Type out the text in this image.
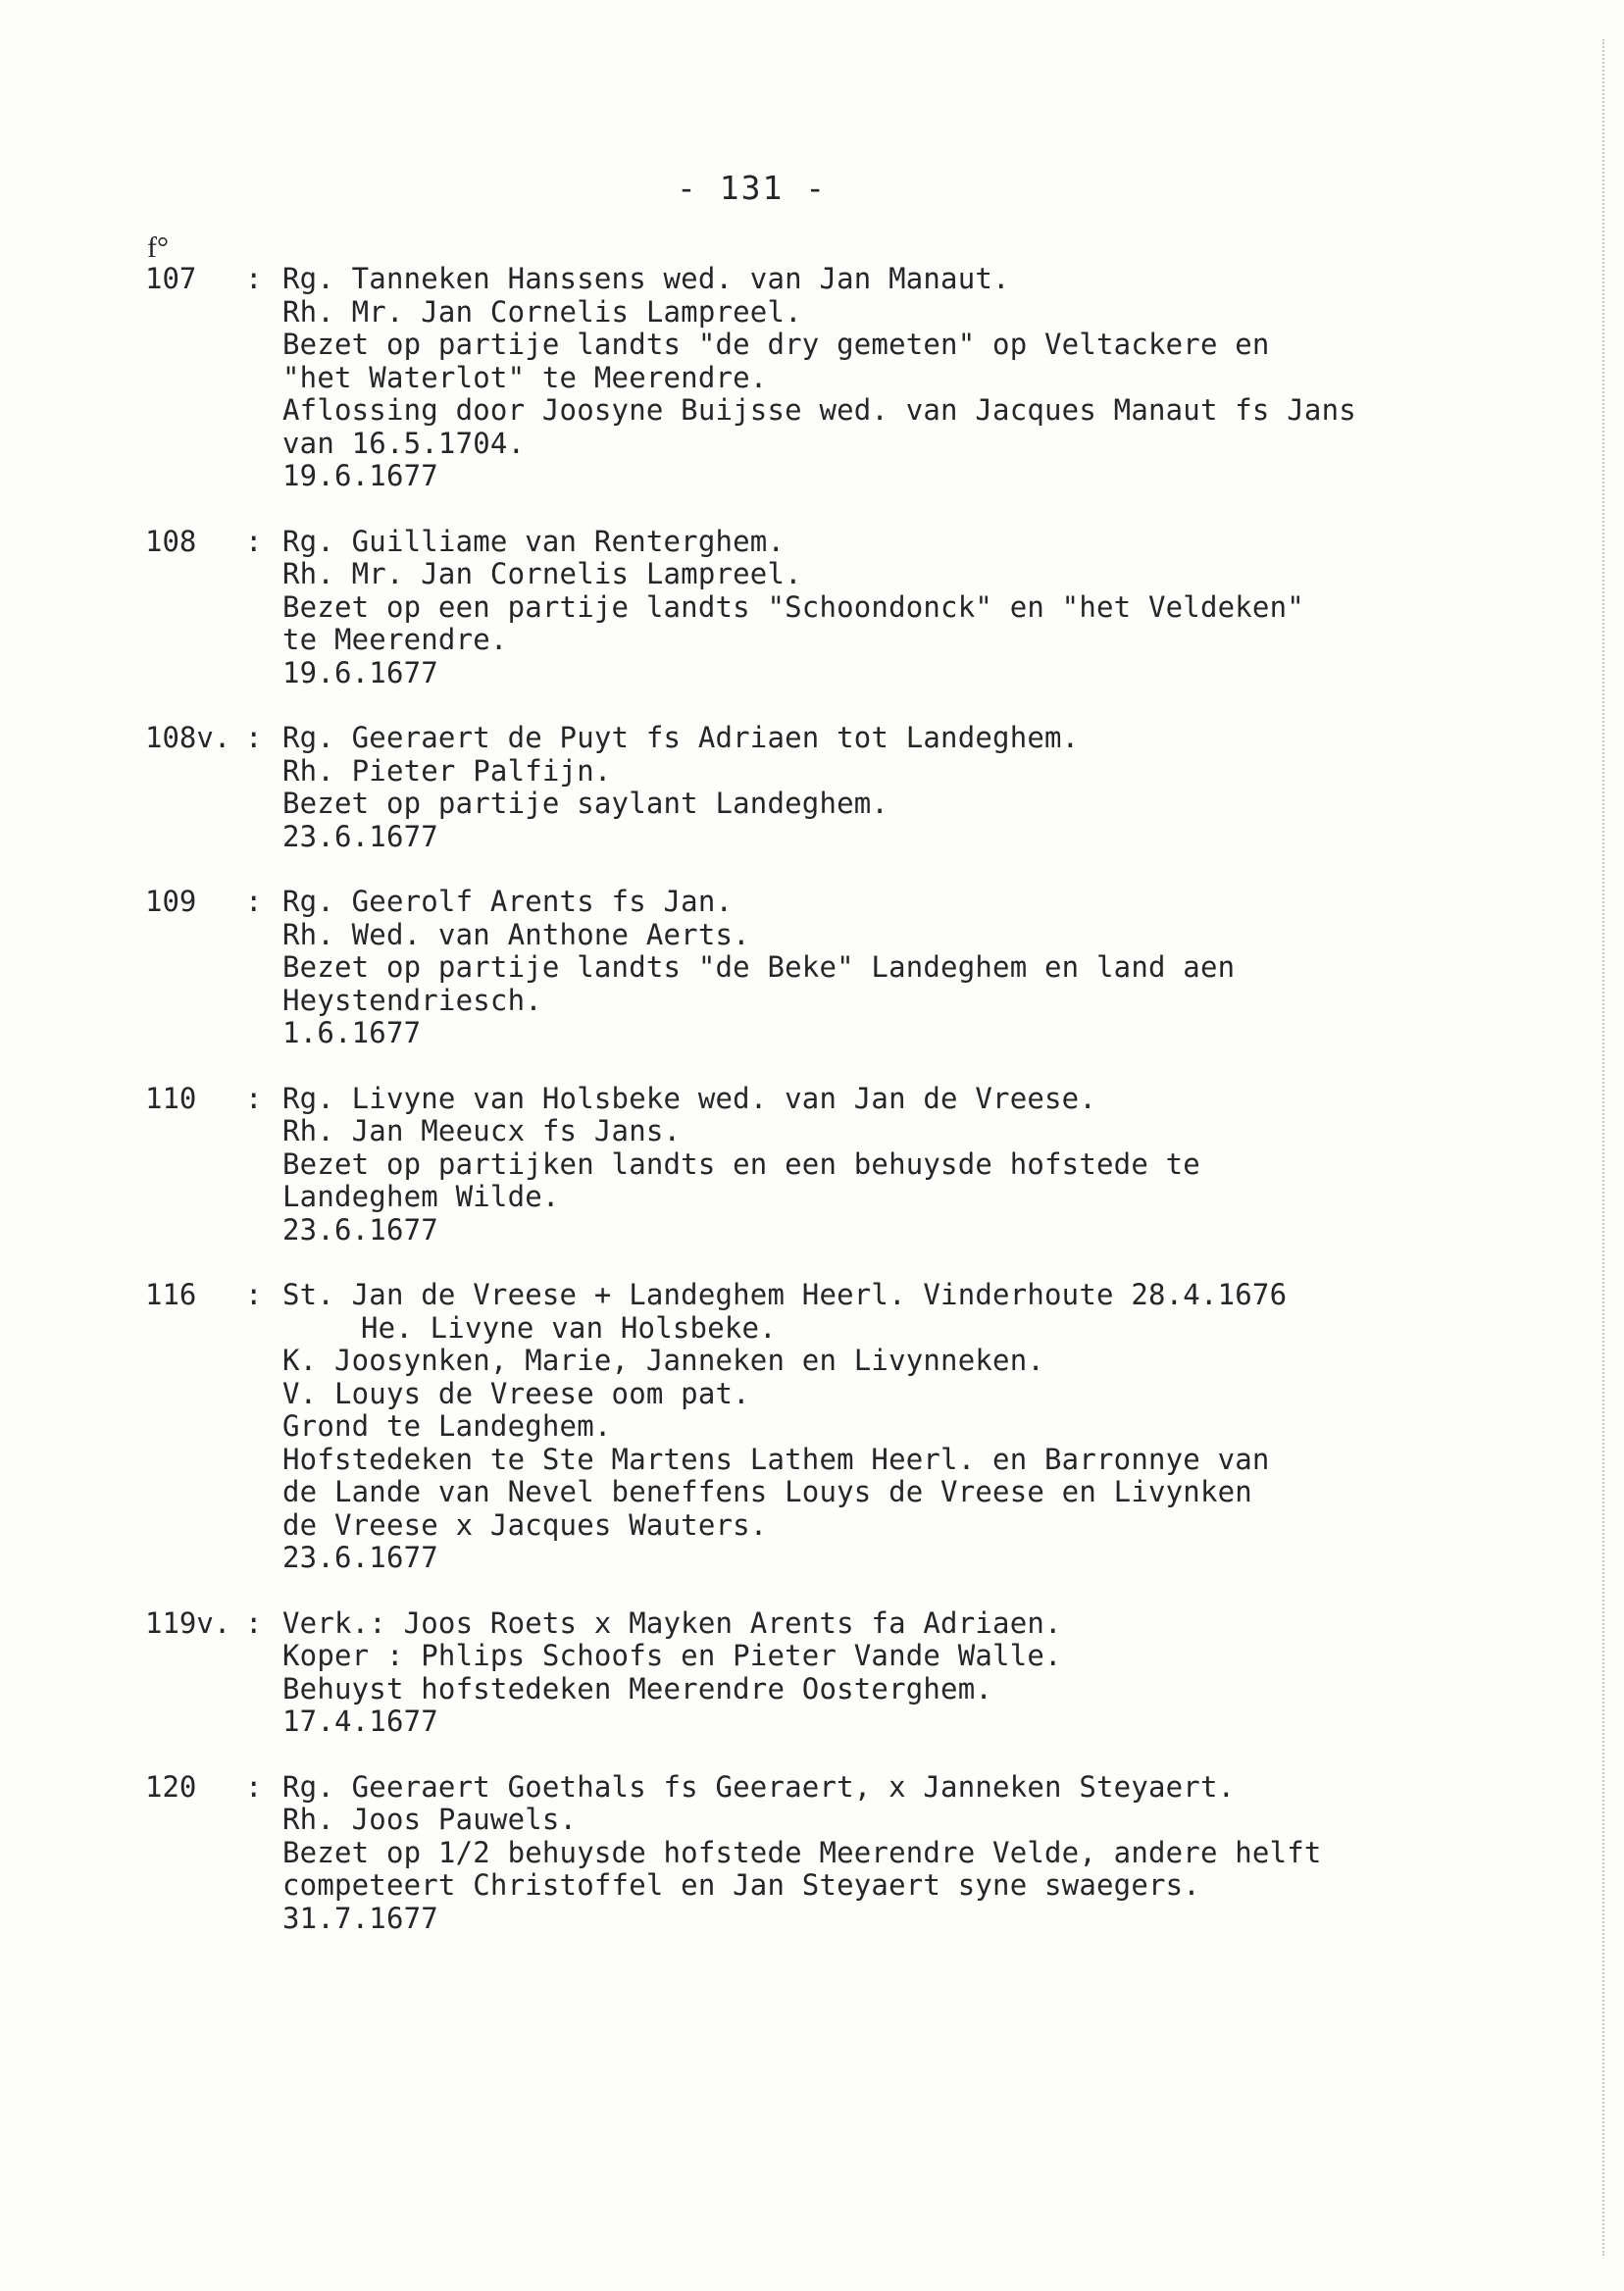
- 131 -
f°
107	: Rg. Tanneken Hanssens wed. van Jan Manaut.
Rh. Mr. Jan Cornelis Lampreel.
Bezet op partije landts "de dry gemeten" op Veltackere en
"het Waterlot" te Meerendre.
Aflossing door Joosyne Buijsse wed. van Jacques Manaut fs Jans
van 16.5.1704.
19.6.1677
108	: Rg. Guilliame van Renterghem.
Rh. Mr. Jan Cornelis Lampreel.
Bezet op een partije landts "Schoondonck" en "het Veldeken"
te Meerendre.
19.6.1677
108v. : Rg. Geeraert de Puyt fs Adriaen tot Landeghem.
Rh. Pieter Palfijn.
Bezet op partije saylant Landeghem.
23.6.1677
109	: Rg. Geerolf Arents fs Jan.
Rh. Wed. van Anthone Aerts.
Bezet op partije landts "de Beke" Landeghem en land aen
Heystendriesch.
1.6.1677
110	: Rg. Livyne van Holsbeke wed. van Jan de Vreese.
Rh. Jan Meeucx fs Jans.
Bezet op partijken landts en een behuysde hofstede te
Landeghem Wilde.
23.6.1677
116	: St. Jan de Vreese + Landeghem Heerl. Vinderhoute 28.4.1676
He. Livyne van Holsbeke.
K. Joosynken, Marie, Janneken en Livynneken.
V. Louys de Vreese oom pat.
Grond te Landeghem.
Hofstedeken te Ste Martens Lathem Heerl. en Barronnye van
de Lande van Nevel beneffens Louys de Vreese en Livynken
de Vreese x Jacques Wauters.
23.6.1677
119v. : Verk.: Joos Roets x Mayken Arents fa Adriaen.
Koper : Phlips Schoofs en Pieter Vande Walle.
Behuyst hofstedeken Meerendre Oosterghem.
17.4.1677
120	: Rg. Geeraert Goethals fs Geeraert, x Janneken Steyaert.
Rh. Joos Pauwels.
Bezet op 1/2 behuysde hofstede Meerendre Velde, andere helft
competeert Christoffel en Jan Steyaert syne swaegers.
31.7.1677
